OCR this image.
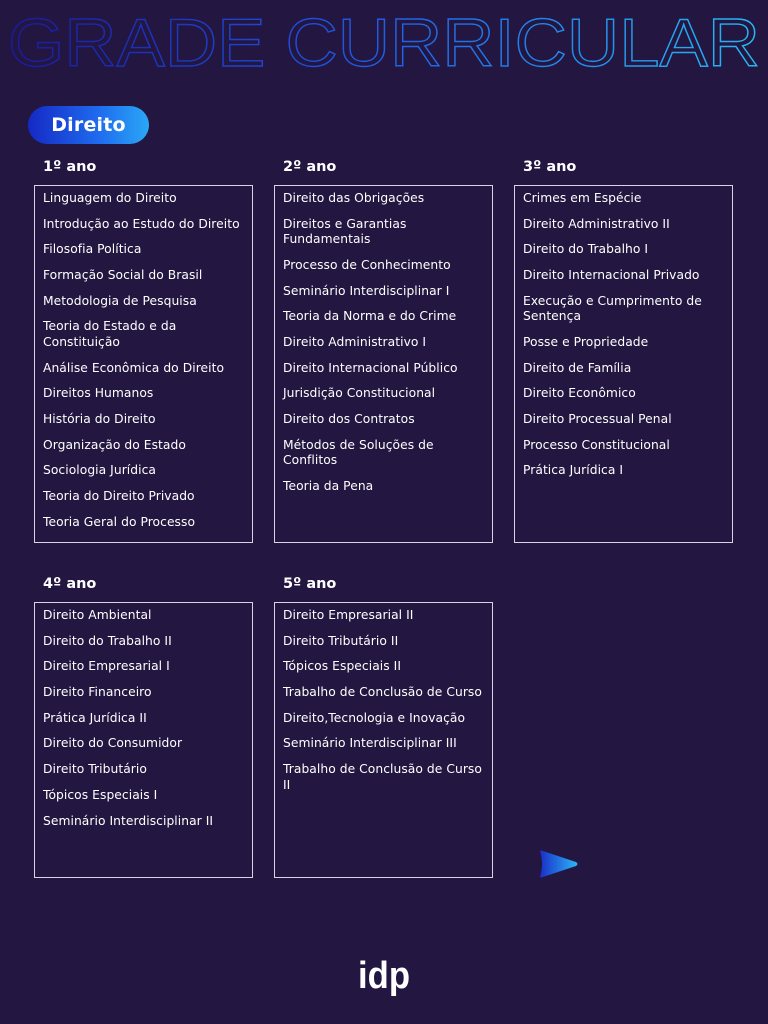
GRADE CURRICULAR
Direito
1º ano
Linguagem do Direito
Introdução ao Estudo do Direito
Filosofia Política
Formação Social do Brasil
Metodologia de Pesquisa
Teoria do Estado e da Constituição
Análise Econômica do Direito
Direitos Humanos
História do Direito
Organização do Estado
Sociologia Jurídica
Teoria do Direito Privado
Teoria Geral do Processo
2º ano
Direito das Obrigações
Direitos e Garantias Fundamentais
Processo de Conhecimento
Seminário Interdisciplinar I
Teoria da Norma e do Crime
Direito Administrativo I
Direito Internacional Público
Jurisdição Constitucional
Direito dos Contratos
Métodos de Soluções de Conflitos
Teoria da Pena
3º ano
Crimes em Espécie
Direito Administrativo II
Direito do Trabalho I
Direito Internacional Privado
Execução e Cumprimento de Sentença
Posse e Propriedade
Direito de Família
Direito Econômico
Direito Processual Penal
Processo Constitucional
Prática Jurídica I
4º ano
Direito Ambiental
Direito do Trabalho II
Direito Empresarial I
Direito Financeiro
Prática Jurídica II
Direito do Consumidor
Direito Tributário
Tópicos Especiais I
Seminário Interdisciplinar II
5º ano
Direito Empresarial II
Direito Tributário II
Tópicos Especiais II
Trabalho de Conclusão de Curso
Direito,Tecnologia e Inovação
Seminário Interdisciplinar III
Trabalho de Conclusão de Curso II
idp
